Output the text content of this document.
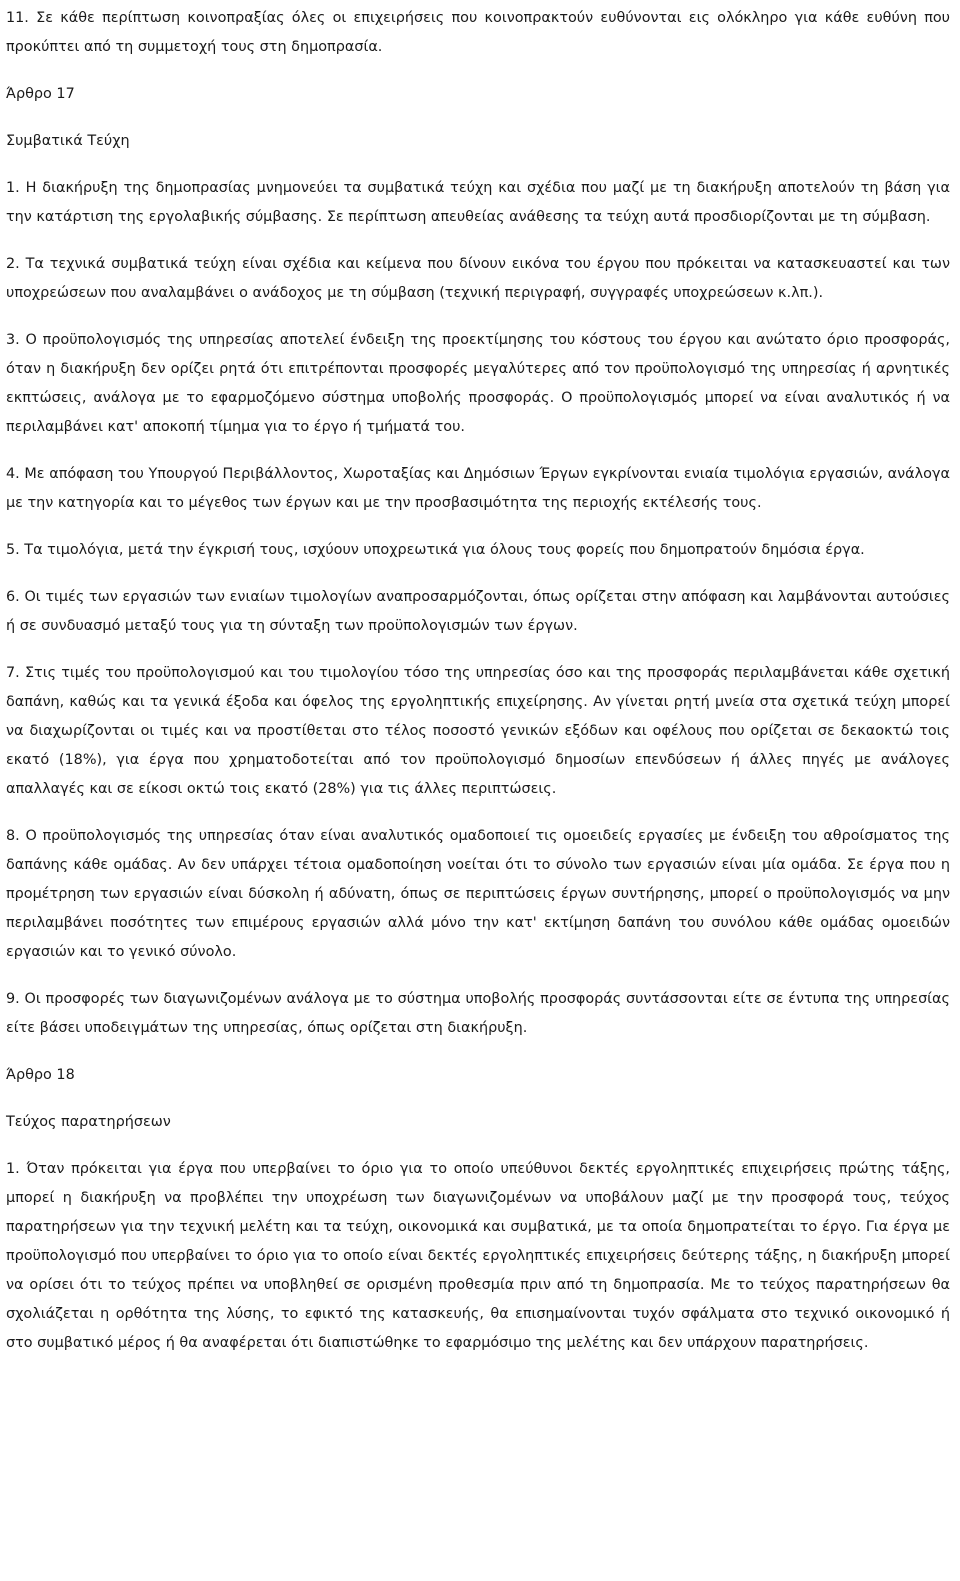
11. Σε κάθε περίπτωση κοινοπραξίας όλες οι επιχειρήσεις που κοινοπρακτούν ευθύνονται εις ολόκληρο για κάθε ευθύνη που προκύπτει από τη συμμετοχή τους στη δημοπρασία.

Άρθρο 17

Συμβατικά Τεύχη

1. Η διακήρυξη της δημοπρασίας μνημονεύει τα συμβατικά τεύχη και σχέδια που μαζί με τη διακήρυξη αποτελούν τη βάση για την κατάρτιση της εργολαβικής σύμβασης. Σε περίπτωση απευθείας ανάθεσης τα τεύχη αυτά προσδιορίζονται με τη σύμβαση.

2. Τα τεχνικά συμβατικά τεύχη είναι σχέδια και κείμενα που δίνουν εικόνα του έργου που πρόκειται να κατασκευαστεί και των υποχρεώσεων που αναλαμβάνει ο ανάδοχος με τη σύμβαση (τεχνική περιγραφή, συγγραφές υποχρεώσεων κ.λπ.).

3. Ο προϋπολογισμός της υπηρεσίας αποτελεί ένδειξη της προεκτίμησης του κόστους του έργου και ανώτατο όριο προσφοράς, όταν η διακήρυξη δεν ορίζει ρητά ότι επιτρέπονται προσφορές μεγαλύτερες από τον προϋπολογισμό της υπηρεσίας ή αρνητικές εκπτώσεις, ανάλογα με το εφαρμοζόμενο σύστημα υποβολής προσφοράς. Ο προϋπολογισμός μπορεί να είναι αναλυτικός ή να περιλαμβάνει κατ' αποκοπή τίμημα για το έργο ή τμήματά του.

4. Με απόφαση του Υπουργού Περιβάλλοντος, Χωροταξίας και Δημόσιων Έργων εγκρίνονται ενιαία τιμολόγια εργασιών, ανάλογα με την κατηγορία και το μέγεθος των έργων και με την προσβασιμότητα της περιοχής εκτέλεσής τους.

5. Τα τιμολόγια, μετά την έγκρισή τους, ισχύουν υποχρεωτικά για όλους τους φορείς που δημοπρατούν δημόσια έργα.

6. Οι τιμές των εργασιών των ενιαίων τιμολογίων αναπροσαρμόζονται, όπως ορίζεται στην απόφαση και λαμβάνονται αυτούσιες ή σε συνδυασμό μεταξύ τους για τη σύνταξη των προϋπολογισμών των έργων.

7. Στις τιμές του προϋπολογισμού και του τιμολογίου τόσο της υπηρεσίας όσο και της προσφοράς περιλαμβάνεται κάθε σχετική δαπάνη, καθώς και τα γενικά έξοδα και όφελος της εργοληπτικής επιχείρησης. Αν γίνεται ρητή μνεία στα σχετικά τεύχη μπορεί να διαχωρίζονται οι τιμές και να προστίθεται στο τέλος ποσοστό γενικών εξόδων και οφέλους που ορίζεται σε δεκαοκτώ τοις εκατό (18%), για έργα που χρηματοδοτείται από τον προϋπολογισμό δημοσίων επενδύσεων ή άλλες πηγές με ανάλογες απαλλαγές και σε είκοσι οκτώ τοις εκατό (28%) για τις άλλες περιπτώσεις.

8. Ο προϋπολογισμός της υπηρεσίας όταν είναι αναλυτικός ομαδοποιεί τις ομοειδείς εργασίες με ένδειξη του αθροίσματος της δαπάνης κάθε ομάδας. Αν δεν υπάρχει τέτοια ομαδοποίηση νοείται ότι το σύνολο των εργασιών είναι μία ομάδα. Σε έργα που η προμέτρηση των εργασιών είναι δύσκολη ή αδύνατη, όπως σε περιπτώσεις έργων συντήρησης, μπορεί ο προϋπολογισμός να μην περιλαμβάνει ποσότητες των επιμέρους εργασιών αλλά μόνο την κατ' εκτίμηση δαπάνη του συνόλου κάθε ομάδας ομοειδών εργασιών και το γενικό σύνολο.

9. Οι προσφορές των διαγωνιζομένων ανάλογα με το σύστημα υποβολής προσφοράς συντάσσονται είτε σε έντυπα της υπηρεσίας είτε βάσει υποδειγμάτων της υπηρεσίας, όπως ορίζεται στη διακήρυξη.

Άρθρο 18

Τεύχος παρατηρήσεων

1. Όταν πρόκειται για έργα που υπερβαίνει το όριο για το οποίο υπεύθυνοι δεκτές εργοληπτικές επιχειρήσεις πρώτης τάξης, μπορεί η διακήρυξη να προβλέπει την υποχρέωση των διαγωνιζομένων να υποβάλουν μαζί με την προσφορά τους, τεύχος παρατηρήσεων για την τεχνική μελέτη και τα τεύχη, οικονομικά και συμβατικά, με τα οποία δημοπρατείται το έργο. Για έργα με προϋπολογισμό που υπερβαίνει το όριο για το οποίο είναι δεκτές εργοληπτικές επιχειρήσεις δεύτερης τάξης, η διακήρυξη μπορεί να ορίσει ότι το τεύχος πρέπει να υποβληθεί σε ορισμένη προθεσμία πριν από τη δημοπρασία. Με το τεύχος παρατηρήσεων θα σχολιάζεται η ορθότητα της λύσης, το εφικτό της κατασκευής, θα επισημαίνονται τυχόν σφάλματα στο τεχνικό οικονομικό ή στο συμβατικό μέρος ή θα αναφέρεται ότι διαπιστώθηκε το εφαρμόσιμο της μελέτης και δεν υπάρχουν παρατηρήσεις.
